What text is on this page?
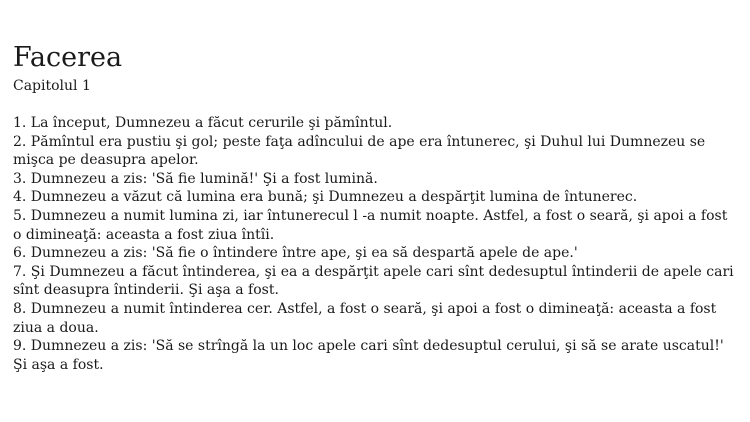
Facerea
Capitolul 1

1. La început, Dumnezeu a făcut cerurile şi pămîntul.

2. Pămîntul era pustiu şi gol; peste faţa adîncului de ape era întunerec, şi Duhul lui Dumnezeu se mişca pe deasupra apelor.

3. Dumnezeu a zis: 'Să fie lumină!' Şi a fost lumină.

4. Dumnezeu a văzut că lumina era bună; şi Dumnezeu a despărţit lumina de întunerec.

5. Dumnezeu a numit lumina zi, iar întunerecul l -a numit noapte. Astfel, a fost o seară, şi apoi a fost o dimineaţă: aceasta a fost ziua întîi.

6. Dumnezeu a zis: 'Să fie o întindere între ape, şi ea să despartă apele de ape.'

7. Şi Dumnezeu a făcut întinderea, şi ea a despărţit apele cari sînt dedesuptul întinderii de apele cari sînt deasupra întinderii. Şi aşa a fost.

8. Dumnezeu a numit întinderea cer. Astfel, a fost o seară, şi apoi a fost o dimineaţă: aceasta a fost ziua a doua.

9. Dumnezeu a zis: 'Să se strîngă la un loc apele cari sînt dedesuptul cerului, şi să se arate uscatul!' Şi aşa a fost.
